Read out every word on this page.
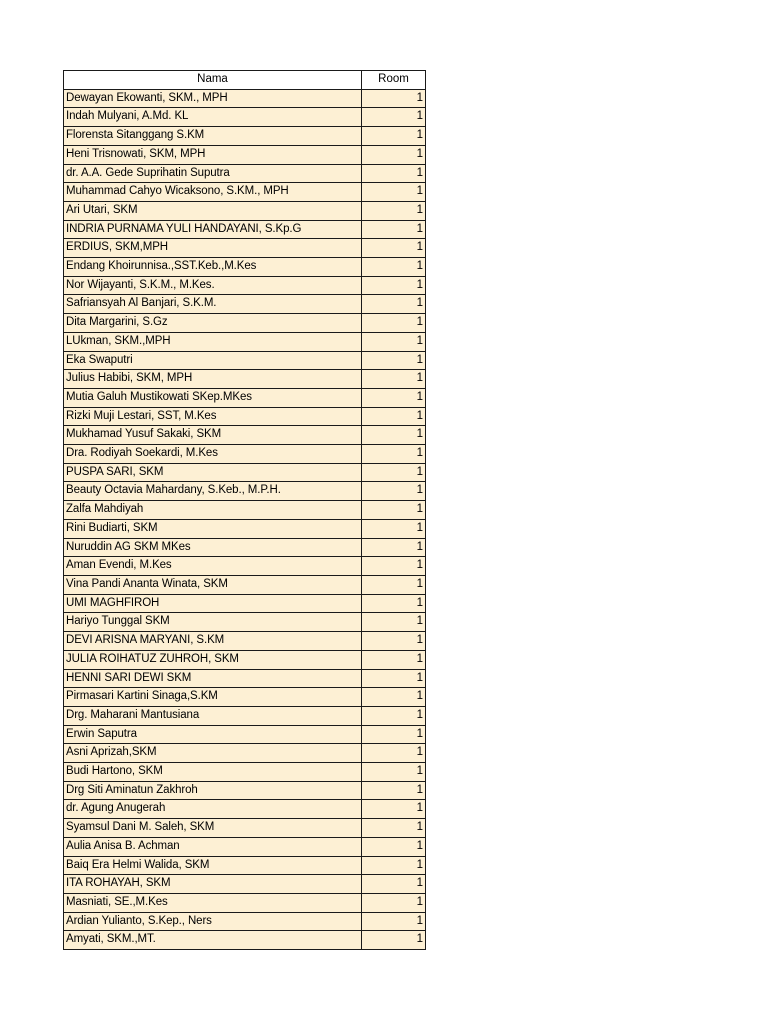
Nama	Room
Dewayan Ekowanti, SKM., MPH	1
Indah Mulyani, A.Md. KL	1
Florensta Sitanggang S.KM	1
Heni Trisnowati, SKM, MPH	1
dr. A.A. Gede Suprihatin Suputra	1
Muhammad Cahyo Wicaksono, S.KM., MPH	1
Ari Utari, SKM	1
INDRIA PURNAMA YULI HANDAYANI, S.Kp.G	1
ERDIUS, SKM,MPH	1
Endang Khoirunnisa.,SST.Keb.,M.Kes	1
Nor Wijayanti, S.K.M., M.Kes.	1
Safriansyah Al Banjari, S.K.M.	1
Dita Margarini, S.Gz	1
LUkman, SKM.,MPH	1
Eka Swaputri	1
Julius Habibi, SKM, MPH	1
Mutia Galuh Mustikowati SKep.MKes	1
Rizki Muji Lestari, SST, M.Kes	1
Mukhamad Yusuf Sakaki, SKM	1
Dra. Rodiyah Soekardi, M.Kes	1
PUSPA SARI, SKM	1
Beauty Octavia Mahardany, S.Keb., M.P.H.	1
Zalfa Mahdiyah	1
Rini Budiarti, SKM	1
Nuruddin AG SKM MKes	1
Aman Evendi, M.Kes	1
Vina Pandi Ananta Winata, SKM	1
UMI MAGHFIROH	1
Hariyo Tunggal SKM	1
DEVI ARISNA MARYANI, S.KM	1
JULIA ROIHATUZ ZUHROH, SKM	1
HENNI SARI DEWI SKM	1
Pirmasari Kartini Sinaga,S.KM	1
Drg. Maharani Mantusiana	1
Erwin Saputra	1
Asni Aprizah,SKM	1
Budi Hartono, SKM	1
Drg Siti Aminatun Zakhroh	1
dr. Agung Anugerah	1
Syamsul Dani M. Saleh, SKM	1
Aulia Anisa B. Achman	1
Baiq Era Helmi Walida, SKM	1
ITA ROHAYAH, SKM	1
Masniati, SE.,M.Kes	1
Ardian Yulianto, S.Kep., Ners	1
Amyati, SKM.,MT.	1
